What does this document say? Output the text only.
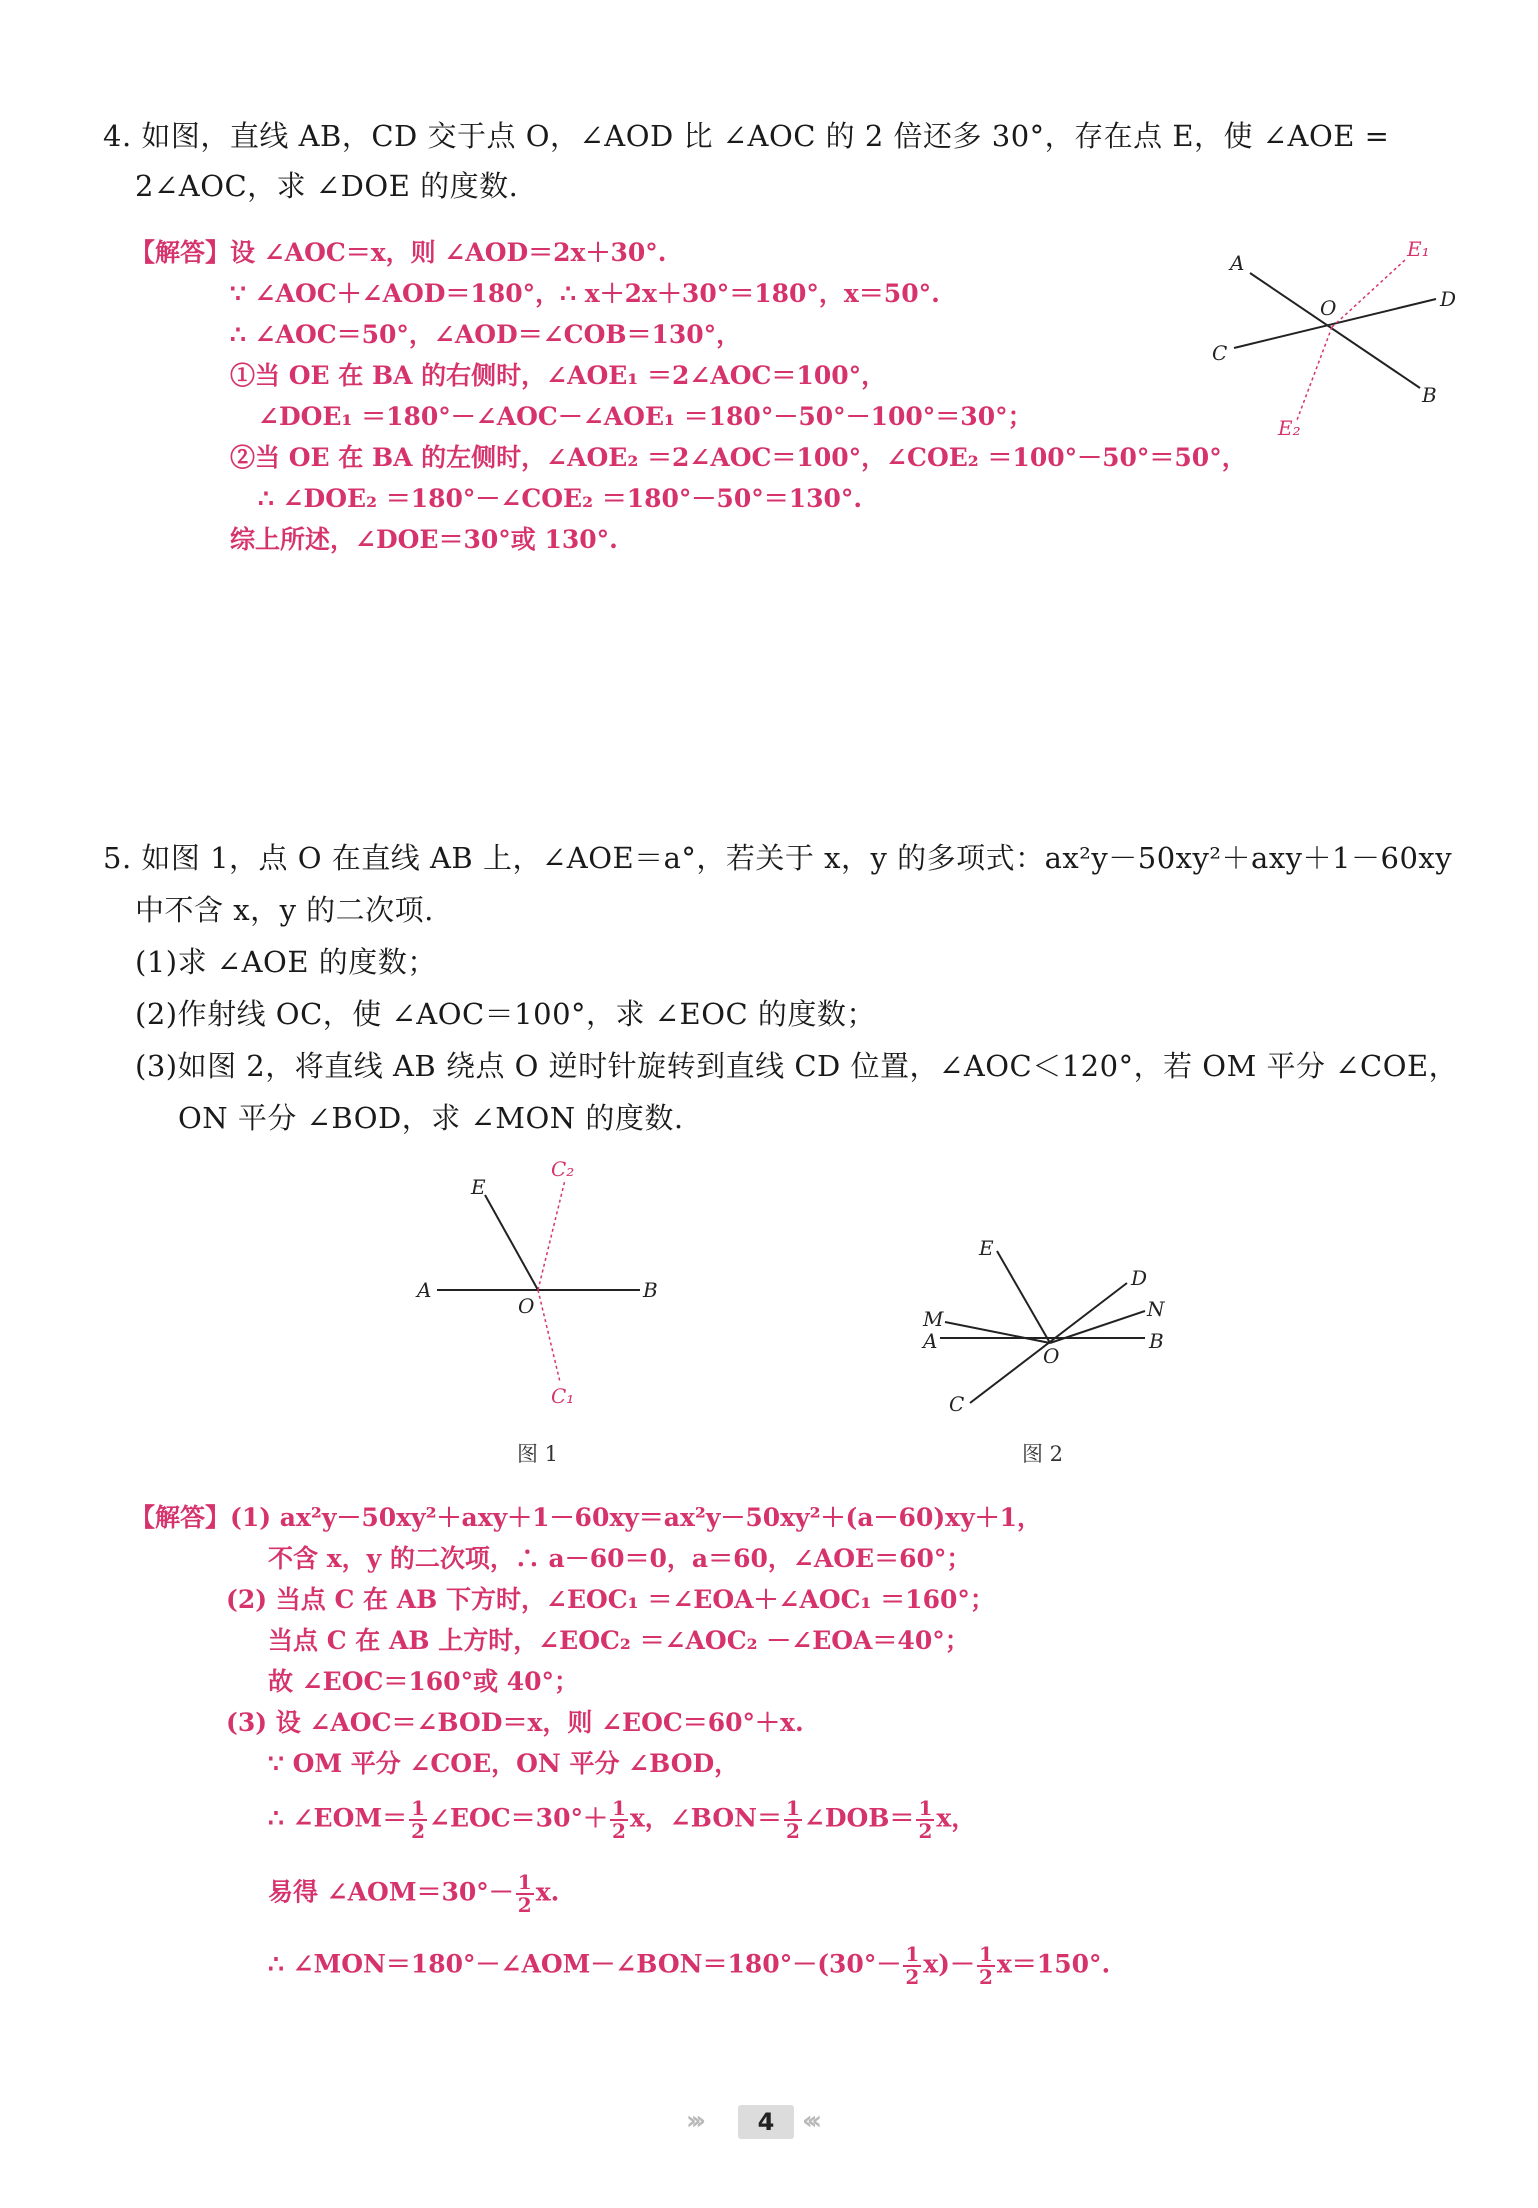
4. 如图，直线 AB，CD 交于点 O，∠AOD 比 ∠AOC 的 2 倍还多 30°，存在点 E，使 ∠AOE =
2∠AOC，求 ∠DOE 的度数.
【解答】设 ∠AOC＝x，则 ∠AOD＝2x＋30°.
∵ ∠AOC＋∠AOD＝180°，∴ x＋2x＋30°＝180°，x＝50°.
∴ ∠AOC＝50°，∠AOD＝∠COB＝130°，
①当 OE 在 BA 的右侧时，∠AOE₁ ＝2∠AOC＝100°，
∠DOE₁ ＝180°－∠AOC－∠AOE₁ ＝180°－50°－100°＝30°；
②当 OE 在 BA 的左侧时，∠AOE₂ ＝2∠AOC＝100°，∠COE₂ ＝100°－50°＝50°，
∴ ∠DOE₂ ＝180°－∠COE₂ ＝180°－50°＝130°.
综上所述，∠DOE＝30°或 130°.
A
B
C
D
O
E₁
E₂
5. 如图 1，点 O 在直线 AB 上，∠AOE＝a°，若关于 x，y 的多项式：ax²y－50xy²＋axy＋1－60xy
中不含 x，y 的二次项.
(1)求 ∠AOE 的度数；
(2)作射线 OC，使 ∠AOC＝100°，求 ∠EOC 的度数；
(3)如图 2，将直线 AB 绕点 O 逆时针旋转到直线 CD 位置，∠AOC＜120°，若 OM 平分 ∠COE，
ON 平分 ∠BOD，求 ∠MON 的度数.
A	B
E
O
C₂
C₁
图 1
E
D
N
M
A	B
O
C
图 2
【解答】(1) ax²y－50xy²＋axy＋1－60xy＝ax²y－50xy²＋(a－60)xy＋1，
不含 x，y 的二次项，∴ a－60＝0，a＝60，∠AOE＝60°；
(2) 当点 C 在 AB 下方时，∠EOC₁ ＝∠EOA＋∠AOC₁ ＝160°；
当点 C 在 AB 上方时，∠EOC₂ ＝∠AOC₂ －∠EOA＝40°；
故 ∠EOC＝160°或 40°；
(3) 设 ∠AOC＝∠BOD＝x，则 ∠EOC＝60°＋x.
∵ OM 平分 ∠COE，ON 平分 ∠BOD，
∴ ∠EOM＝ $\frac{1}{2}$ ∠EOC＝30°＋ $\frac{1}{2}$ x，∠BON＝ $\frac{1}{2}$ ∠DOB＝ $\frac{1}{2}$ x，
易得 ∠AOM＝30°－ $\frac{1}{2} x$.
∴ ∠MON＝180°－∠AOM－∠BON＝180°－(30°－ $\frac{1}{2} x)- \frac{1}{2} x=150^\circ$.
›››	4	‹‹‹
